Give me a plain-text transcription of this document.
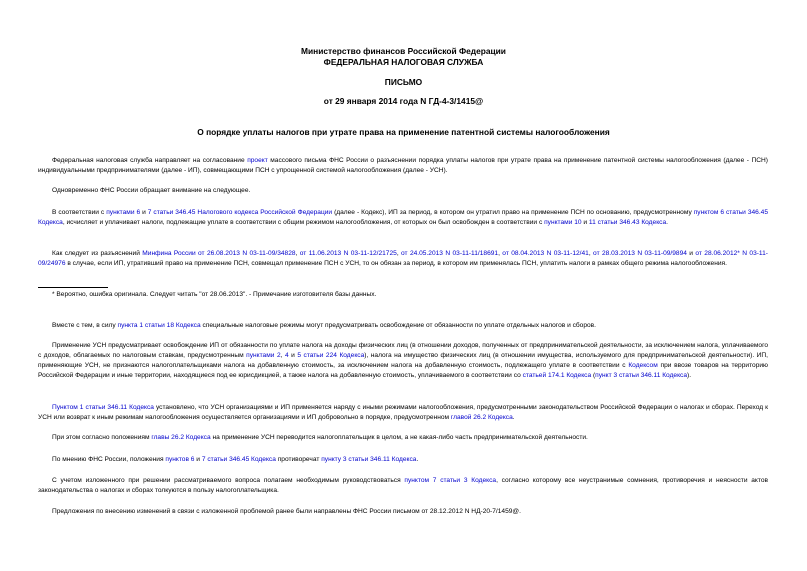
Министерство финансов Российской Федерации
ФЕДЕРАЛЬНАЯ НАЛОГОВАЯ СЛУЖБА
ПИСЬМО
от 29 января 2014 года N ГД-4-3/1415@
О порядке уплаты налогов при утрате права на применение патентной системы налогообложения

Федеральная налоговая служба направляет на согласование проект массового письма ФНС России о разъяснении порядка уплаты налогов при утрате права на применение патентной системы налогообложения (далее - ПСН) индивидуальными предпринимателями (далее - ИП), совмещающими ПСН с упрощенной системой налогообложения (далее - УСН).

Одновременно ФНС России обращает внимание на следующее.

В соответствии с пунктами 6 и 7 статьи 346.45 Налогового кодекса Российской Федерации (далее - Кодекс), ИП за период, в котором он утратил право на применение ПСН по основанию, предусмотренному пунктом 6 статьи 346.45 Кодекса, исчисляет и уплачивает налоги, подлежащие уплате в соответствии с общим режимом налогообложения, от которых он был освобожден в соответствии с пунктами 10 и 11 статьи 346.43 Кодекса.

Как следует из разъяснений Минфина России от 26.08.2013 N 03-11-09/34828, от 11.06.2013 N 03-11-12/21725, от 24.05.2013 N 03-11-11/18691, от 08.04.2013 N 03-11-12/41, от 28.03.2013 N 03-11-09/9894 и от 28.06.2012* N 03-11-09/24976 в случае, если ИП, утративший право на применение ПСН, совмещал применение ПСН с УСН, то он обязан за период, в котором им применялась ПСН, уплатить налоги в рамках общего режима налогообложения.

* Вероятно, ошибка оригинала. Следует читать "от 28.06.2013". - Примечание изготовителя базы данных.

Вместе с тем, в силу пункта 1 статьи 18 Кодекса специальные налоговые режимы могут предусматривать освобождение от обязанности по уплате отдельных налогов и сборов.

Применение УСН предусматривает освобождение ИП от обязанности по уплате налога на доходы физических лиц (в отношении доходов, полученных от предпринимательской деятельности, за исключением налога, уплачиваемого с доходов, облагаемых по налоговым ставкам, предусмотренным пунктами 2, 4 и 5 статьи 224 Кодекса), налога на имущество физических лиц (в отношении имущества, используемого для предпринимательской деятельности). ИП, применяющие УСН, не признаются налогоплательщиками налога на добавленную стоимость, за исключением налога на добавленную стоимость, подлежащего уплате в соответствии с Кодексом при ввозе товаров на территорию Российской Федерации и иные территории, находящиеся под ее юрисдикцией, а также налога на добавленную стоимость, уплачиваемого в соответствии со статьей 174.1 Кодекса (пункт 3 статьи 346.11 Кодекса).

Пунктом 1 статьи 346.11 Кодекса установлено, что УСН организациями и ИП применяется наряду с иными режимами налогообложения, предусмотренными законодательством Российской Федерации о налогах и сборах. Переход к УСН или возврат к иным режимам налогообложения осуществляется организациями и ИП добровольно в порядке, предусмотренном главой 26.2 Кодекса.

При этом согласно положениям главы 26.2 Кодекса на применение УСН переводится налогоплательщик в целом, а не какая-либо часть предпринимательской деятельности.

По мнению ФНС России, положения пунктов 6 и 7 статьи 346.45 Кодекса противоречат пункту 3 статьи 346.11 Кодекса.

С учетом изложенного при решении рассматриваемого вопроса полагаем необходимым руководствоваться пунктом 7 статьи 3 Кодекса, согласно которому все неустранимые сомнения, противоречия и неясности актов законодательства о налогах и сборах толкуются в пользу налогоплательщика.

Предложения по внесению изменений в связи с изложенной проблемой ранее были направлены ФНС России письмом от 28.12.2012 N НД-20-7/1459@.
